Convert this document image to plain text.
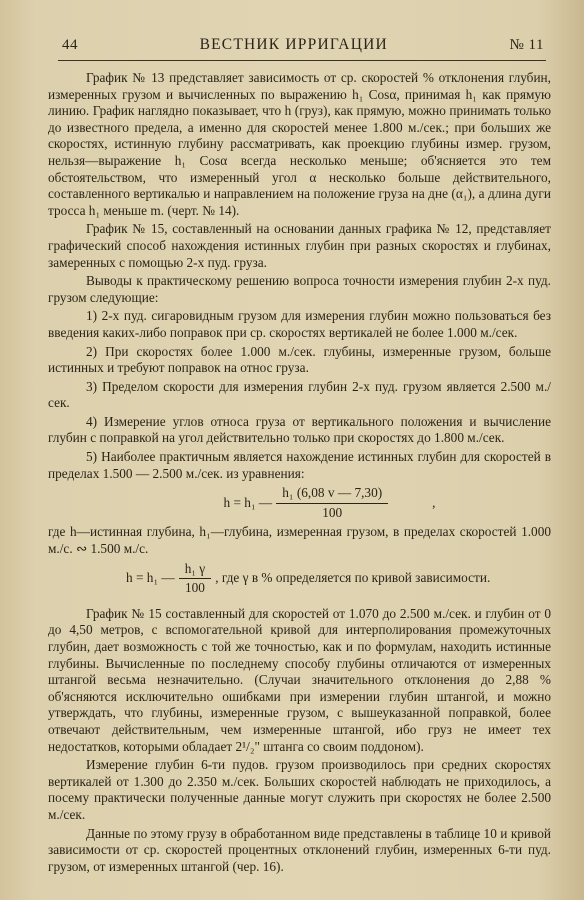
44	ВЕСТНИК ИРРИГАЦИИ	№ 11

График № 13 представляет зависимость от ср. скоростей % отклонения глубин, измеренных грузом и вычисленных по выражению h₁ Cosα, принимая h₁ как прямую линию. График наглядно показывает, что h (груз), как прямую, можно принимать только до известного предела, а именно для скоростей менее 1.800 м./сек.; при больших же скоростях, истинную глубину рассматривать, как проекцию глубины измер. грузом, нельзя—выражение h₁ Cosα всегда несколько меньше; об'ясняется это тем обстоятельством, что измеренный угол α несколько больше действительного, составленного вертикалью и направлением на положение груза на дне (α₁), а длина дуги тросса h₁ меньше m. (черт. № 14).

График № 15, составленный на основании данных графика № 12, представляет графический способ нахождения истинных глубин при разных скоростях и глубинах, замеренных с помощью 2-х пуд. груза.

Выводы к практическому решению вопроса точности измерения глубин 2-х пуд. грузом следующие:

1) 2-х пуд. сигаровидным грузом для измерения глубин можно пользоваться без введения каких-либо поправок при ср. скоростях вертикалей не более 1.000 м./сек.

2) При скоростях более 1.000 м./сек. глубины, измеренные грузом, больше истинных и требуют поправок на относ груза.

3) Пределом скорости для измерения глубин 2-х пуд. грузом является 2.500 м./сек.

4) Измерение углов относа груза от вертикального положения и вычисление глубин с поправкой на угол действительно только при скоростях до 1.800 м./сек.

5) Наиболее практичным является нахождение истинных глубин для скоростей в пределах 1.500 — 2.500 м./сек. из уравнения:

h = h₁ — $\frac{\text{h₁ (6,08 v — 7,30)}}{100}$	,

где h—истинная глубина, h₁—глубина, измеренная грузом, в пределах скоростей 1.000 м./с. ∾ 1.500 м./с.

h = h₁ — $\frac{\text{h₁ γ}}{100}$ , где γ в % определяется по кривой зависимости.

График № 15 составленный для скоростей от 1.070 до 2.500 м./сек. и глубин от 0 до 4,50 метров, с вспомогательной кривой для интерполирования промежуточных глубин, дает возможность с той же точностью, как и по формулам, находить истинные глубины. Вычисленные по последнему способу глубины отличаются от измеренных штангой весьма незначительно. (Случаи значительного отклонения до 2,88 % об'ясняются исключительно ошибками при измерении глубин штангой, и можно утверждать, что глубины, измеренные грузом, с вышеуказанной поправкой, более отвечают действительным, чем измеренные штангой, ибо груз не имеет тех недостатков, которыми обладает 2¹/₂" штанга со своим поддоном).

Измерение глубин 6-ти пудов. грузом производилось при средних скоростях вертикалей от 1.300 до 2.350 м./сек. Больших скоростей наблюдать не приходилось, а посему практически полученные данные могут служить при скоростях не более 2.500 м./сек.

Данные по этому грузу в обработанном виде представлены в таблице 10 и кривой зависимости от ср. скоростей процентных отклонений глубин, измеренных 6-ти пуд. грузом, от измеренных штангой (чер. 16).
